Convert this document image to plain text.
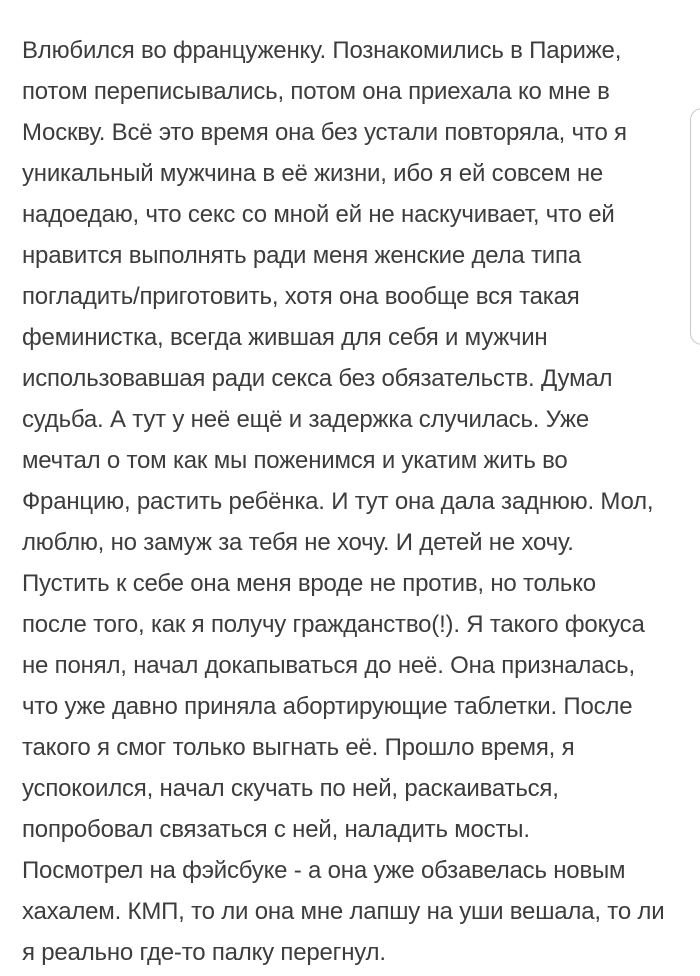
Влюбился во француженку. Познакомились в Париже,
потом переписывались, потом она приехала ко мне в
Москву. Всё это время она без устали повторяла, что я
уникальный мужчина в её жизни, ибо я ей совсем не
надоедаю, что секс со мной ей не наскучивает, что ей
нравится выполнять ради меня женские дела типа
погладить/приготовить, хотя она вообще вся такая
феминистка, всегда жившая для себя и мужчин
использовавшая ради секса без обязательств. Думал
судьба. А тут у неё ещё и задержка случилась. Уже
мечтал о том как мы поженимся и укатим жить во
Францию, растить ребёнка. И тут она дала заднюю. Мол,
люблю, но замуж за тебя не хочу. И детей не хочу.
Пустить к себе она меня вроде не против, но только
после того, как я получу гражданство(!). Я такого фокуса
не понял, начал докапываться до неё. Она призналась,
что уже давно приняла абортирующие таблетки. После
такого я смог только выгнать её. Прошло время, я
успокоился, начал скучать по ней, раскаиваться,
попробовал связаться с ней, наладить мосты.
Посмотрел на фэйсбуке - а она уже обзавелась новым
хахалем. КМП, то ли она мне лапшу на уши вешала, то ли
я реально где-то палку перегнул.
